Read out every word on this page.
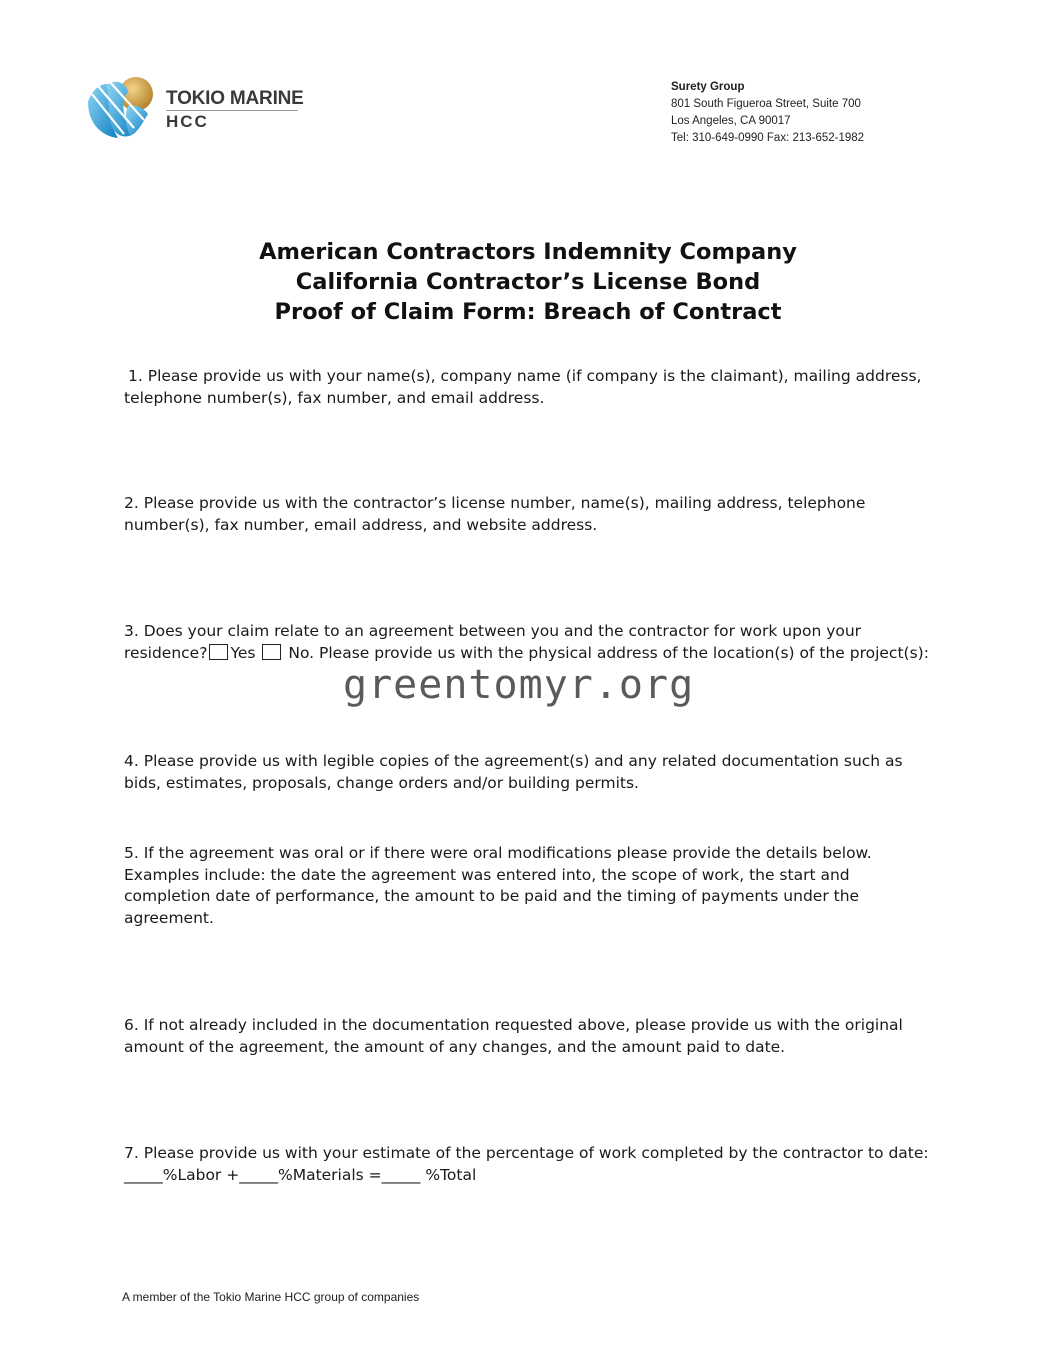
TOKIO MARINE
HCC
Surety Group
801 South Figueroa Street, Suite 700
Los Angeles, CA 90017
Tel: 310-649-0990 Fax: 213-652-1982
American Contractors Indemnity Company
California Contractor’s License Bond
Proof of Claim Form: Breach of Contract
1. Please provide us with your name(s), company name (if company is the claimant), mailing address, telephone number(s), fax number, and email address.
2. Please provide us with the contractor’s license number, name(s), mailing address, telephone number(s), fax number, email address, and website address.
3. Does your claim relate to an agreement between you and the contractor for work upon your residence? Yes No. Please provide us with the physical address of the location(s) of the project(s):
greentomyr.org
4. Please provide us with legible copies of the agreement(s) and any related documentation such as bids, estimates, proposals, change orders and/or building permits.
5. If the agreement was oral or if there were oral modifications please provide the details below. Examples include: the date the agreement was entered into, the scope of work, the start and completion date of performance, the amount to be paid and the timing of payments under the agreement.
6. If not already included in the documentation requested above, please provide us with the original amount of the agreement, the amount of any changes, and the amount paid to date.
7. Please provide us with your estimate of the percentage of work completed by the contractor to date: _____%Labor +_____%Materials =_____ %Total
A member of the Tokio Marine HCC group of companies
